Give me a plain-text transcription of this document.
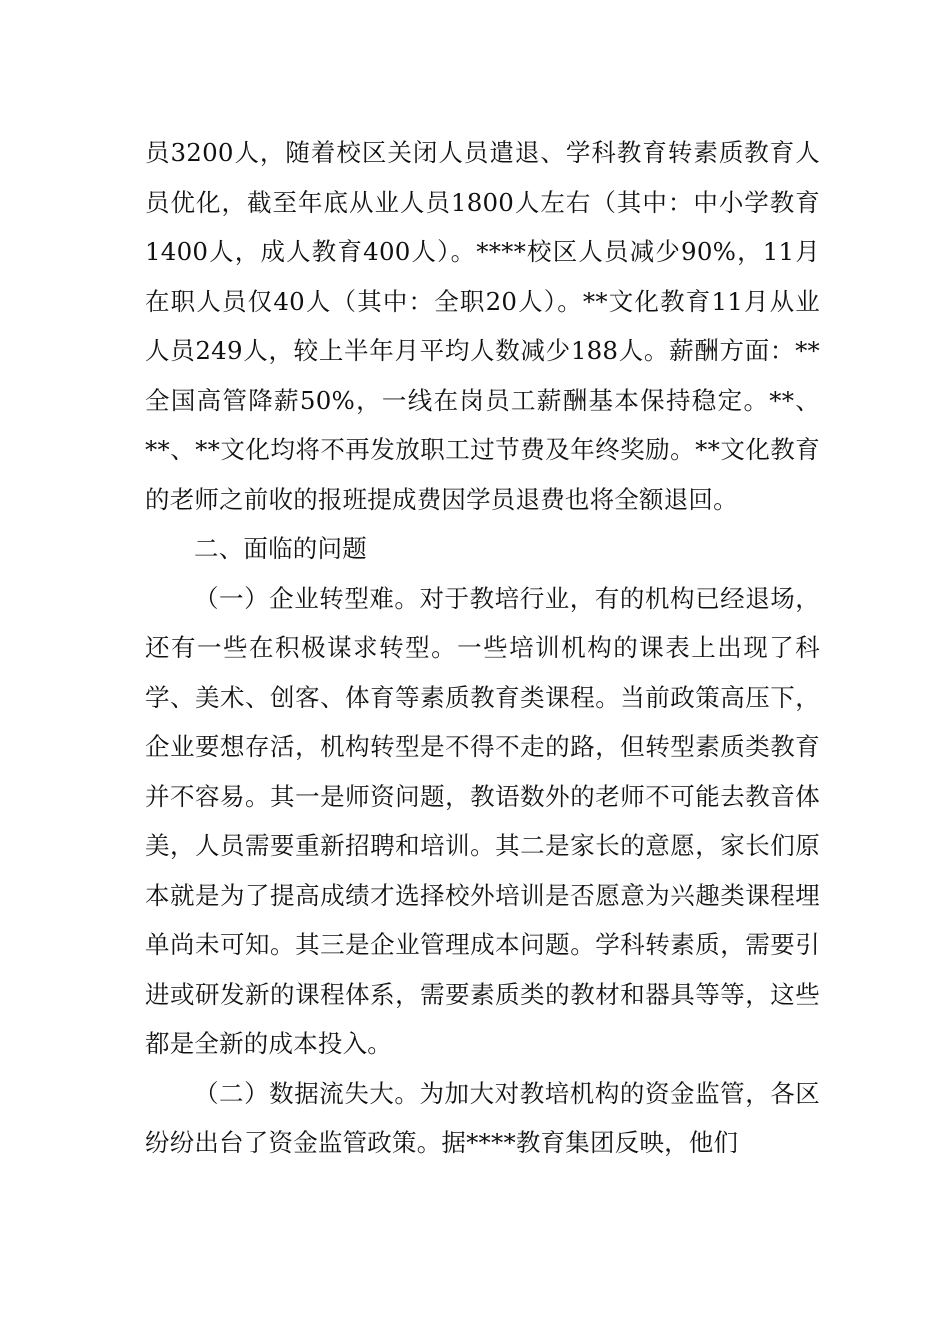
员3200人，随着校区关闭人员遣退、学科教育转素质教育人员优化，截至年底从业人员1800人左右（其中：中小学教育1400人，成人教育400人）。****校区人员减少90%，11月在职人员仅40人（其中：全职20人）。**文化教育11月从业人员249人，较上半年月平均人数减少188人。薪酬方面：**全国高管降薪50%，一线在岗员工薪酬基本保持稳定。**、**、**文化均将不再发放职工过节费及年终奖励。**文化教育的老师之前收的报班提成费因学员退费也将全额退回。

二、面临的问题

（一）企业转型难。对于教培行业，有的机构已经退场，还有一些在积极谋求转型。一些培训机构的课表上出现了科学、美术、创客、体育等素质教育类课程。当前政策高压下，企业要想存活，机构转型是不得不走的路，但转型素质类教育并不容易。其一是师资问题，教语数外的老师不可能去教音体美，人员需要重新招聘和培训。其二是家长的意愿，家长们原本就是为了提高成绩才选择校外培训是否愿意为兴趣类课程埋单尚未可知。其三是企业管理成本问题。学科转素质，需要引进或研发新的课程体系，需要素质类的教材和器具等等，这些都是全新的成本投入。

（二）数据流失大。为加大对教培机构的资金监管，各区纷纷出台了资金监管政策。据****教育集团反映，他们
